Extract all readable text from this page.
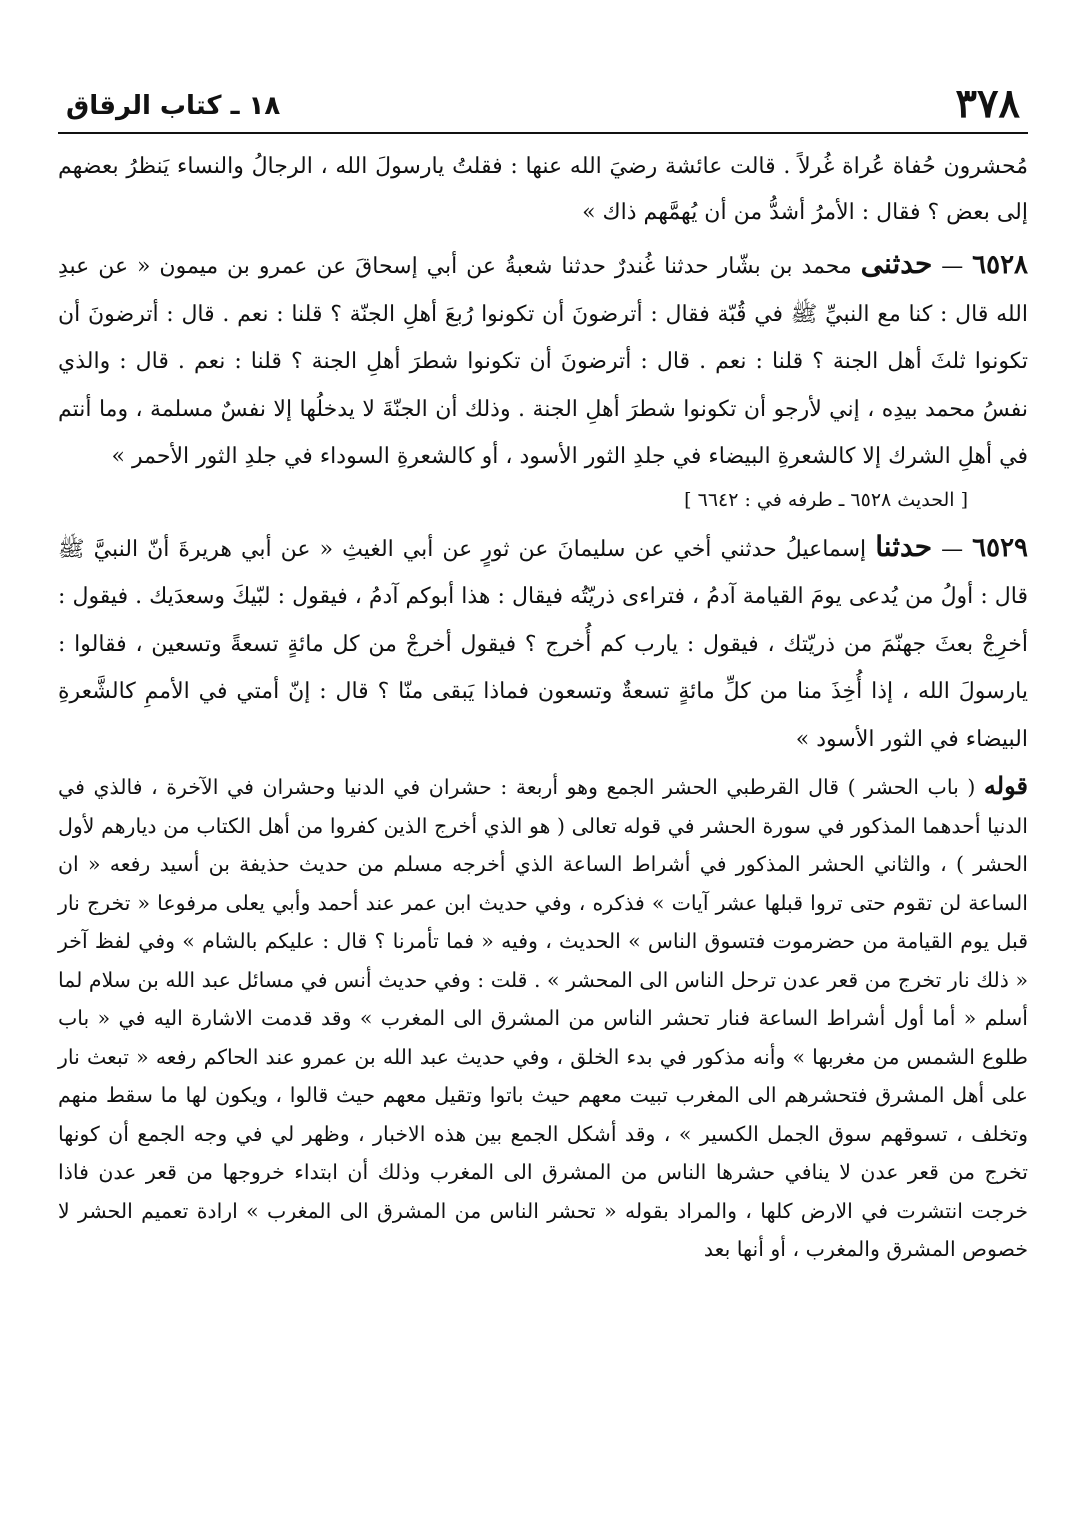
٣٧٨
١٨ ـ كتاب الرقاق

مُحشرون حُفاة عُراة غُرلاً . قالت عائشة رضيَ الله عنها : فقلتُ يارسولَ الله ، الرجالُ والنساء يَنظرُ بعضهم إلى بعض ؟ فقال : الأمرُ أشدُّ من أن يُهمَّهم ذاك »

٦٥٢٨ — حدثنى محمد بن بشّار حدثنا غُندرٌ حدثنا شعبةُ عن أبي إسحاقَ عن عمرو بن ميمون « عن عبدِ الله قال : كنا مع النبيِّ ﷺ في قُبّة فقال : أترضونَ أن تكونوا رُبعَ أهلِ الجنّة ؟ قلنا : نعم . قال : أترضونَ أن تكونوا ثلثَ أهل الجنة ؟ قلنا : نعم . قال : أترضونَ أن تكونوا شطرَ أهلِ الجنة ؟ قلنا : نعم . قال : والذي نفسُ محمد بيدِه ، إني لأرجو أن تكونوا شطرَ أهلِ الجنة . وذلك أن الجنّةَ لا يدخلُها إلا نفسٌ مسلمة ، وما أنتم في أهلِ الشرك إلا كالشعرةِ البيضاء في جلدِ الثور الأسود ، أو كالشعرةِ السوداء في جلدِ الثور الأحمر »

[ الحديث ٦٥٢٨ ـ طرفه في : ٦٦٤٢ ]

٦٥٢٩ — حدثنا إسماعيلُ حدثني أخي عن سليمانَ عن ثورٍ عن أبي الغيثِ « عن أبي هريرةَ أنّ النبيَّ ﷺ قال : أولُ من يُدعى يومَ القيامة آدمُ ، فتراءى ذريّتُه فيقال : هذا أبوكم آدمُ ، فيقول : لبّيكَ وسعدَيك . فيقول : أخرِجْ بعثَ جهنّمَ من ذريّتك ، فيقول : يارب كم أُخرج ؟ فيقول أخرجْ من كل مائةٍ تسعةً وتسعين ، فقالوا : يارسولَ الله ، إذا أُخِذَ منا من كلِّ مائةٍ تسعةٌ وتسعون فماذا يَبقى منّا ؟ قال : إنّ أمتي في الأممِ كالشَّعرةِ البيضاء في الثور الأسود »

قوله ( باب الحشر ) قال القرطبي الحشر الجمع وهو أربعة : حشران في الدنيا وحشران في الآخرة ، فالذي في الدنيا أحدهما المذكور في سورة الحشر في قوله تعالى ( هو الذي أخرج الذين كفروا من أهل الكتاب من ديارهم لأول الحشر ) ، والثاني الحشر المذكور في أشراط الساعة الذي أخرجه مسلم من حديث حذيفة بن أسيد رفعه « ان الساعة لن تقوم حتى تروا قبلها عشر آيات » فذكره ، وفي حديث ابن عمر عند أحمد وأبي يعلى مرفوعا « تخرج نار قبل يوم القيامة من حضرموت فتسوق الناس » الحديث ، وفيه « فما تأمرنا ؟ قال : عليكم بالشام » وفي لفظ آخر « ذلك نار تخرج من قعر عدن ترحل الناس الى المحشر » . قلت : وفي حديث أنس في مسائل عبد الله بن سلام لما أسلم « أما أول أشراط الساعة فنار تحشر الناس من المشرق الى المغرب » وقد قدمت الاشارة اليه في « باب طلوع الشمس من مغربها » وأنه مذكور في بدء الخلق ، وفي حديث عبد الله بن عمرو عند الحاكم رفعه « تبعث نار على أهل المشرق فتحشرهم الى المغرب تبيت معهم حيث باتوا وتقيل معهم حيث قالوا ، ويكون لها ما سقط منهم وتخلف ، تسوقهم سوق الجمل الكسير » ، وقد أشكل الجمع بين هذه الاخبار ، وظهر لي في وجه الجمع أن كونها تخرج من قعر عدن لا ينافي حشرها الناس من المشرق الى المغرب وذلك أن ابتداء خروجها من قعر عدن فاذا خرجت انتشرت في الارض كلها ، والمراد بقوله « تحشر الناس من المشرق الى المغرب » ارادة تعميم الحشر لا خصوص المشرق والمغرب ، أو أنها بعد
